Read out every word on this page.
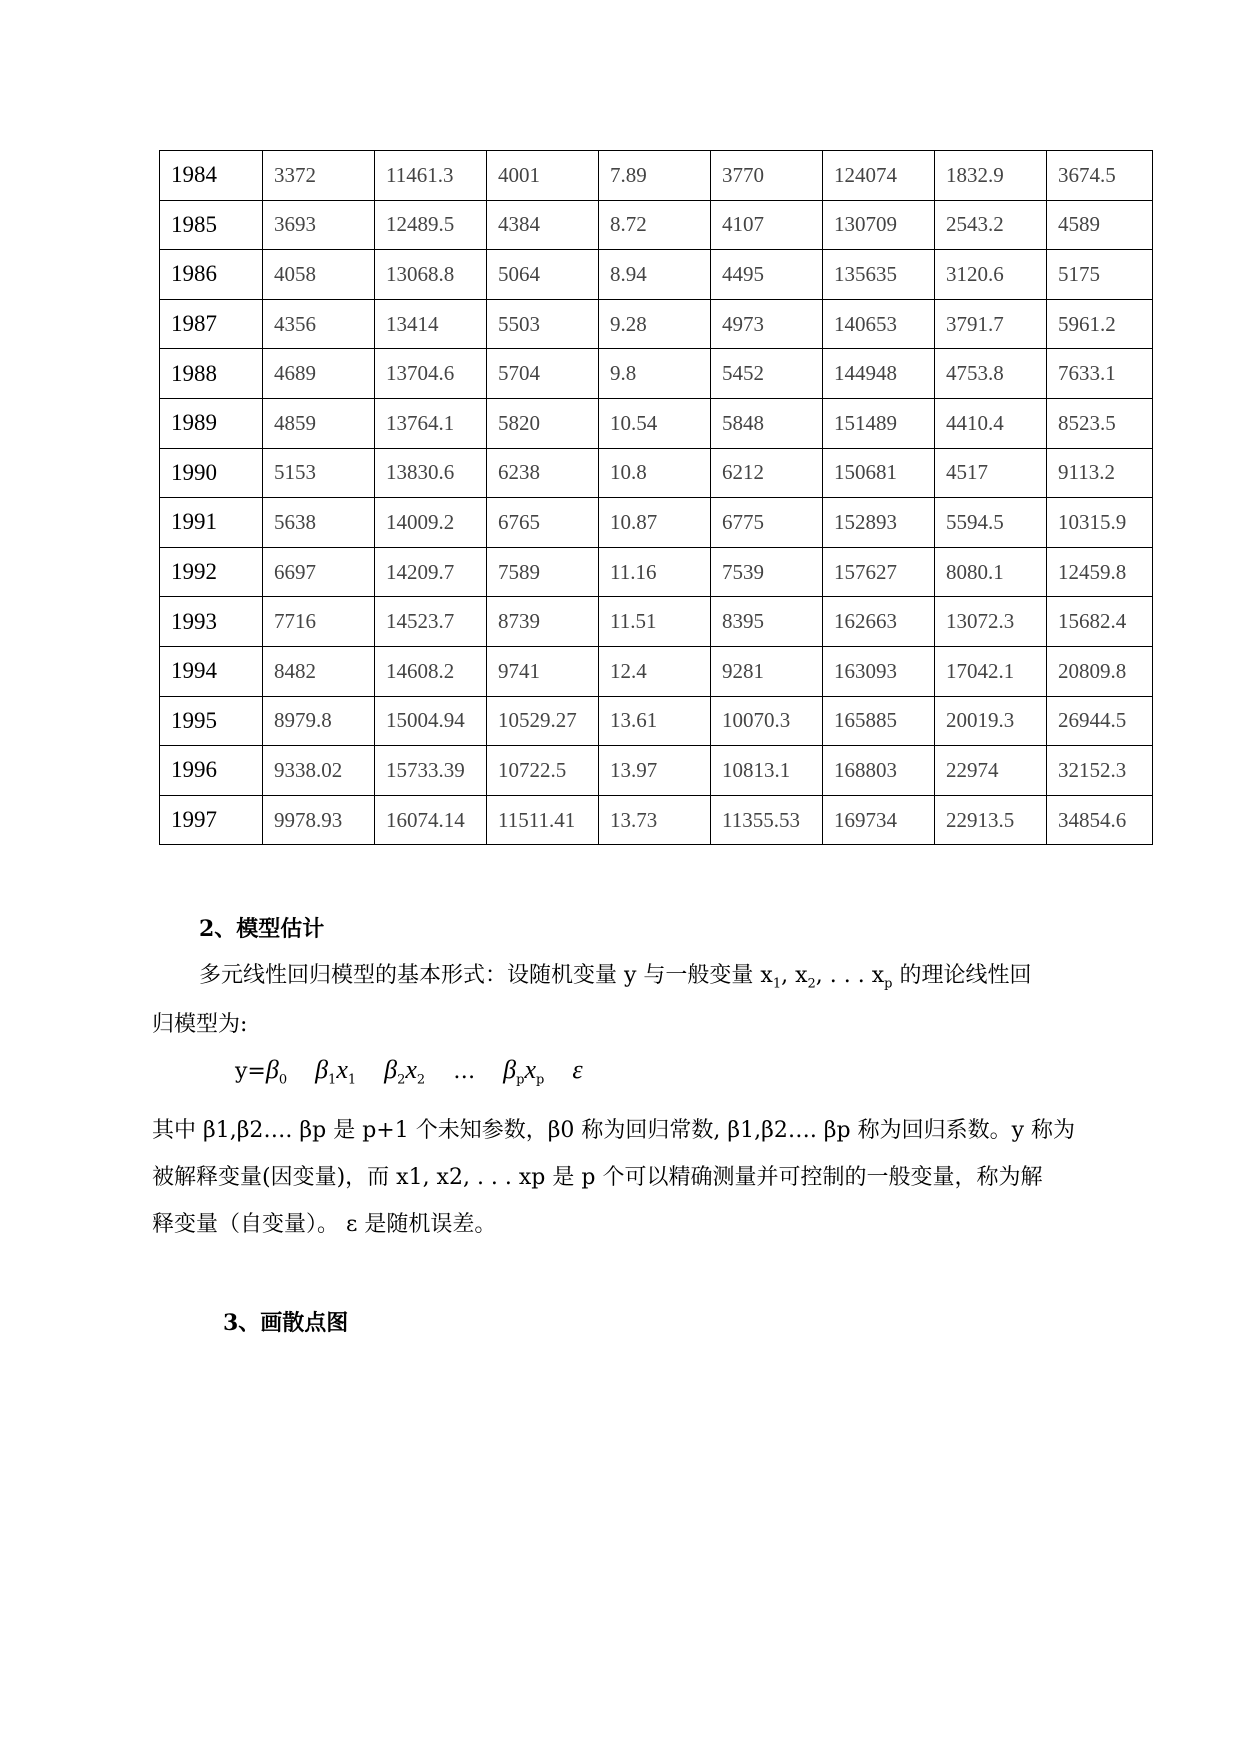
1984	3372	11461.3	4001	7.89	3770	124074	1832.9	3674.5
1985	3693	12489.5	4384	8.72	4107	130709	2543.2	4589
1986	4058	13068.8	5064	8.94	4495	135635	3120.6	5175
1987	4356	13414	5503	9.28	4973	140653	3791.7	5961.2
1988	4689	13704.6	5704	9.8	5452	144948	4753.8	7633.1
1989	4859	13764.1	5820	10.54	5848	151489	4410.4	8523.5
1990	5153	13830.6	6238	10.8	6212	150681	4517	9113.2
1991	5638	14009.2	6765	10.87	6775	152893	5594.5	10315.9
1992	6697	14209.7	7589	11.16	7539	157627	8080.1	12459.8
1993	7716	14523.7	8739	11.51	8395	162663	13072.3	15682.4
1994	8482	14608.2	9741	12.4	9281	163093	17042.1	20809.8
1995	8979.8	15004.94	10529.27	13.61	10070.3	165885	20019.3	26944.5
1996	9338.02	15733.39	10722.5	13.97	10813.1	168803	22974	32152.3
1997	9978.93	16074.14	11511.41	13.73	11355.53	169734	22913.5	34854.6
2、模型估计
多元线性回归模型的基本形式：设随机变量 y 与一般变量 $x_1$, $x_2$, . . . $x_p$ 的理论线性回
归模型为:
$y=\beta_0$ $\beta_1x_1$ $\beta_2x_2$ … $\beta_px_p$ ε
其中 β1,β2…. βp 是 p+1 个未知参数，β0 称为回归常数, β1,β2…. βp 称为回归系数。y 称为
被解释变量(因变量)，而 x1, x2, . . . xp 是 p 个可以精确测量并可控制的一般变量，称为解
释变量（自变量）。 ε 是随机误差。
3、画散点图
